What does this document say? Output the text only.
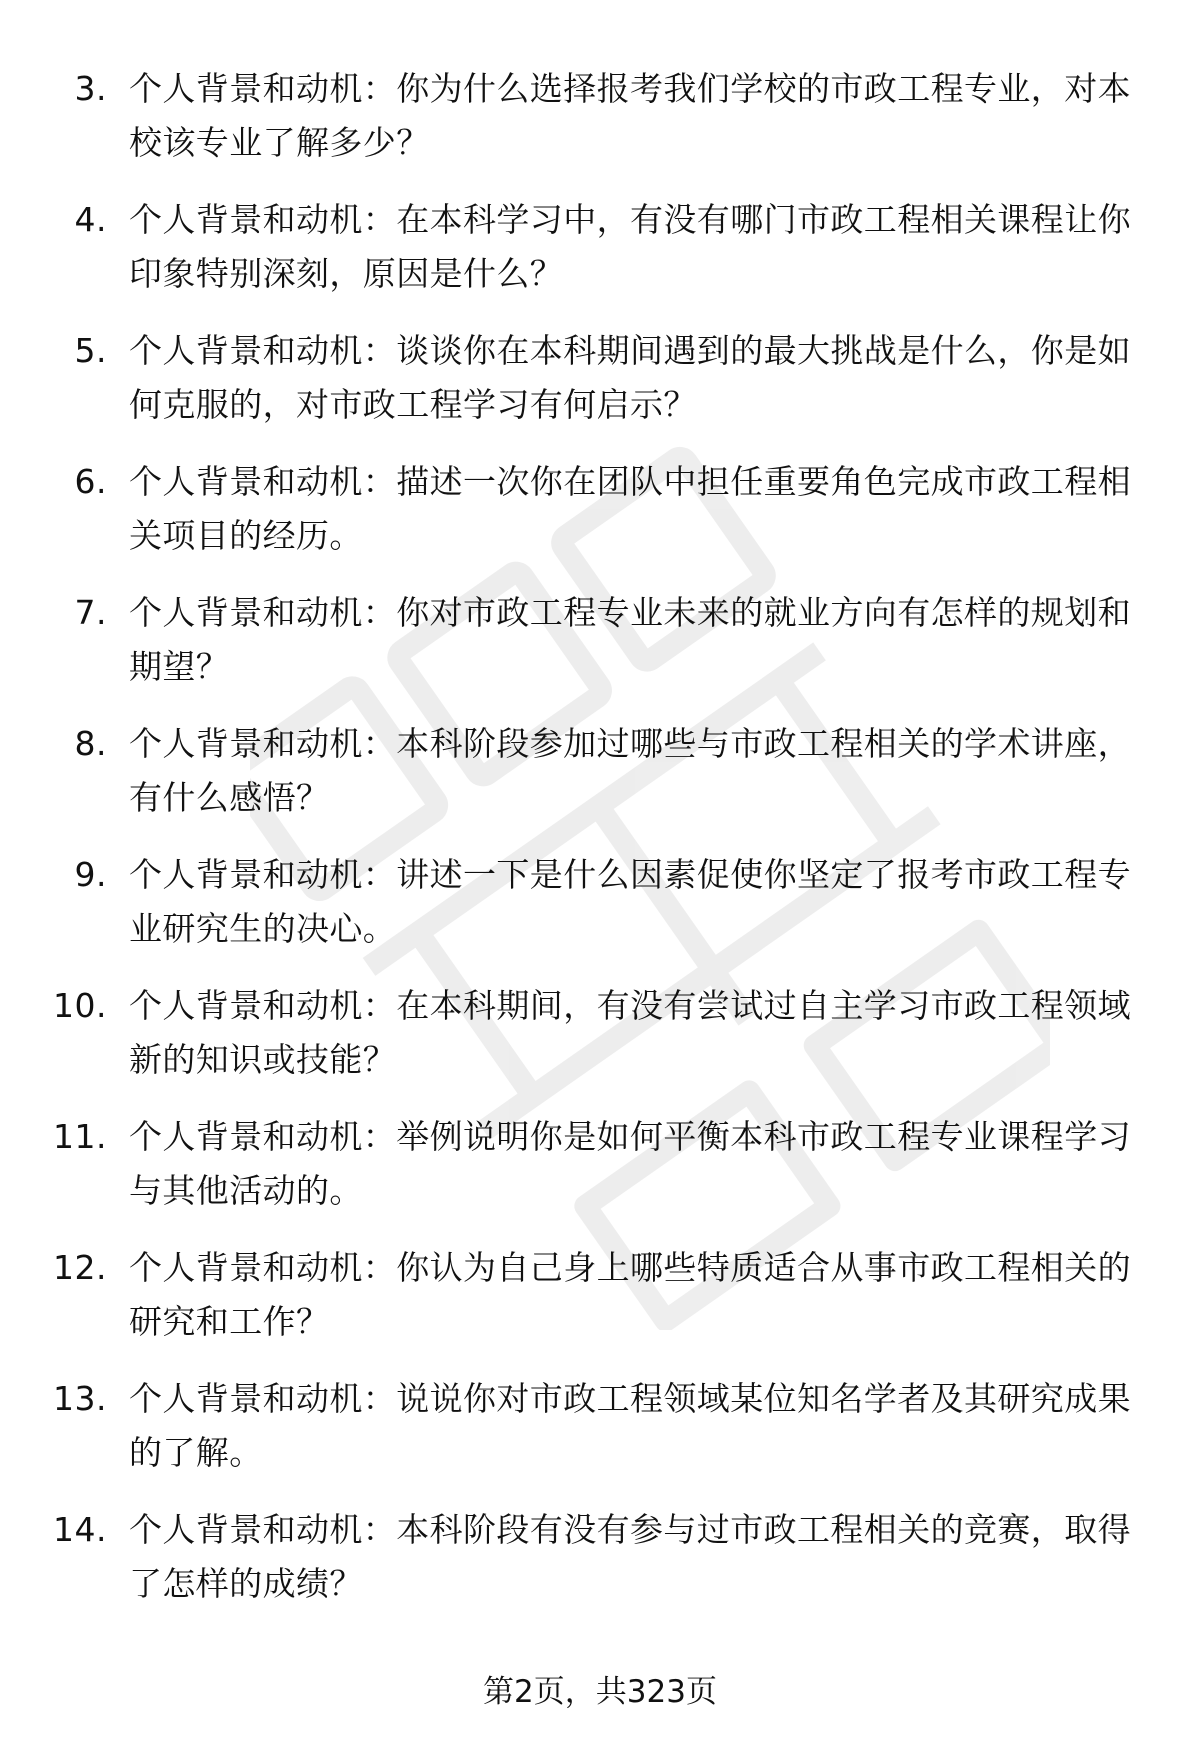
3. 个人背景和动机：你为什么选择报考我们学校的市政工程专业，对本校该专业了解多少？
4. 个人背景和动机：在本科学习中，有没有哪门市政工程相关课程让你印象特别深刻，原因是什么？
5. 个人背景和动机：谈谈你在本科期间遇到的最大挑战是什么，你是如何克服的，对市政工程学习有何启示？
6. 个人背景和动机：描述一次你在团队中担任重要角色完成市政工程相关项目的经历。
7. 个人背景和动机：你对市政工程专业未来的就业方向有怎样的规划和期望？
8. 个人背景和动机：本科阶段参加过哪些与市政工程相关的学术讲座，有什么感悟？
9. 个人背景和动机：讲述一下是什么因素促使你坚定了报考市政工程专业研究生的决心。
10. 个人背景和动机：在本科期间，有没有尝试过自主学习市政工程领域新的知识或技能？
11. 个人背景和动机：举例说明你是如何平衡本科市政工程专业课程学习与其他活动的。
12. 个人背景和动机：你认为自己身上哪些特质适合从事市政工程相关的研究和工作？
13. 个人背景和动机：说说你对市政工程领域某位知名学者及其研究成果的了解。
14. 个人背景和动机：本科阶段有没有参与过市政工程相关的竞赛，取得了怎样的成绩？
第2页，共323页
